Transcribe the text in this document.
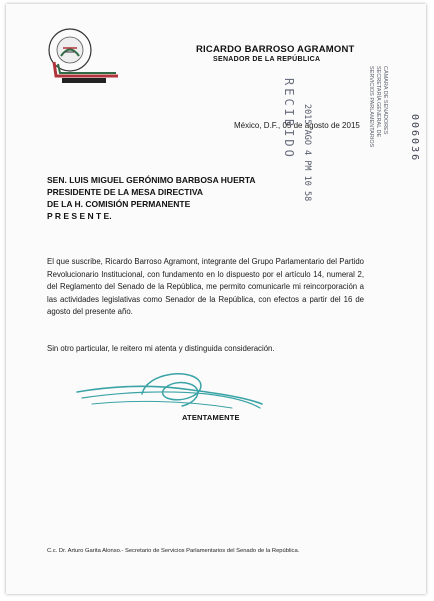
RICARDO BARROSO AGRAMONT
SENADOR DE LA REPÚBLICA
RECIBIDO 2015 AGO 4 PM 10 58
CÁMARA DE SENADORES
SECRETARÍA GENERAL DE
SERVICIOS PARLAMENTARIOS	006036
México, D.F., 05 de agosto de 2015
SEN. LUIS MIGUEL GERÓNIMO BARBOSA HUERTA
PRESIDENTE DE LA MESA DIRECTIVA
DE LA H. COMISIÓN PERMANENTE
P R E S E N T E.
El que suscribe, Ricardo Barroso Agramont, integrante del Grupo Parlamentario del Partido Revolucionario Institucional, con fundamento en lo dispuesto por el artículo 14, numeral 2, del Reglamento del Senado de la República, me permito comunicarle mi reincorporación a las actividades legislativas como Senador de la República, con efectos a partir del 16 de agosto del presente año.
Sin otro particular, le reitero mi atenta y distinguida consideración.
ATENTAMENTE
C.c. Dr. Arturo Garita Alonso.- Secretario de Servicios Parlamentarios del Senado de la República.
